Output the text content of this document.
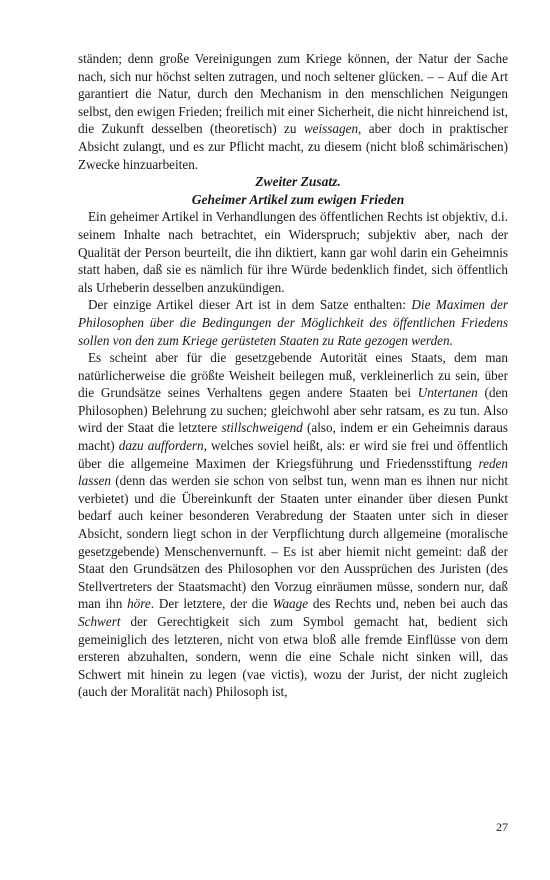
ständen; denn große Vereinigungen zum Kriege können, der Natur der Sache nach, sich nur höchst selten zutragen, und noch seltener glücken. – – Auf die Art garantiert die Natur, durch den Mechanism in den menschlichen Neigungen selbst, den ewigen Frieden; freilich mit einer Sicherheit, die nicht hinreichend ist, die Zukunft desselben (theoretisch) zu weissagen, aber doch in praktischer Absicht zulangt, und es zur Pflicht macht, zu diesem (nicht bloß schimärischen) Zwecke hinzuarbeiten.

Zweiter Zusatz.

Geheimer Artikel zum ewigen Frieden

Ein geheimer Artikel in Verhandlungen des öffentlichen Rechts ist objektiv, d.i. seinem Inhalte nach betrachtet, ein Widerspruch; subjektiv aber, nach der Qualität der Person beurteilt, die ihn diktiert, kann gar wohl darin ein Geheimnis statt haben, daß sie es nämlich für ihre Würde bedenklich findet, sich öffentlich als Urheberin desselben anzukündigen.

Der einzige Artikel dieser Art ist in dem Satze enthalten: Die Maximen der Philosophen über die Bedingungen der Möglichkeit des öffentlichen Friedens sollen von den zum Kriege gerüsteten Staaten zu Rate gezogen werden.

Es scheint aber für die gesetzgebende Autorität eines Staats, dem man natürlicherweise die größte Weisheit beilegen muß, verkleinerlich zu sein, über die Grundsätze seines Verhaltens gegen andere Staaten bei Untertanen (den Philosophen) Belehrung zu suchen; gleichwohl aber sehr ratsam, es zu tun. Also wird der Staat die letztere stillschweigend (also, indem er ein Geheimnis daraus macht) dazu auffordern, welches soviel heißt, als: er wird sie frei und öffentlich über die allgemeine Maximen der Kriegsführung und Friedensstiftung reden lassen (denn das werden sie schon von selbst tun, wenn man es ihnen nur nicht verbietet) und die Übereinkunft der Staaten unter einander über diesen Punkt bedarf auch keiner besonderen Verabredung der Staaten unter sich in dieser Absicht, sondern liegt schon in der Verpflichtung durch allgemeine (moralische gesetzgebende) Menschenvernunft. – Es ist aber hiemit nicht gemeint: daß der Staat den Grundsätzen des Philosophen vor den Aussprüchen des Juristen (des Stellvertreters der Staatsmacht) den Vorzug einräumen müsse, sondern nur, daß man ihn höre. Der letztere, der die Waage des Rechts und, neben bei auch das Schwert der Gerechtigkeit sich zum Symbol gemacht hat, bedient sich gemeiniglich des letzteren, nicht von etwa bloß alle fremde Einflüsse von dem ersteren abzuhalten, sondern, wenn die eine Schale nicht sinken will, das Schwert mit hinein zu legen (vae victis), wozu der Jurist, der nicht zugleich (auch der Moralität nach) Philosoph ist,

27
